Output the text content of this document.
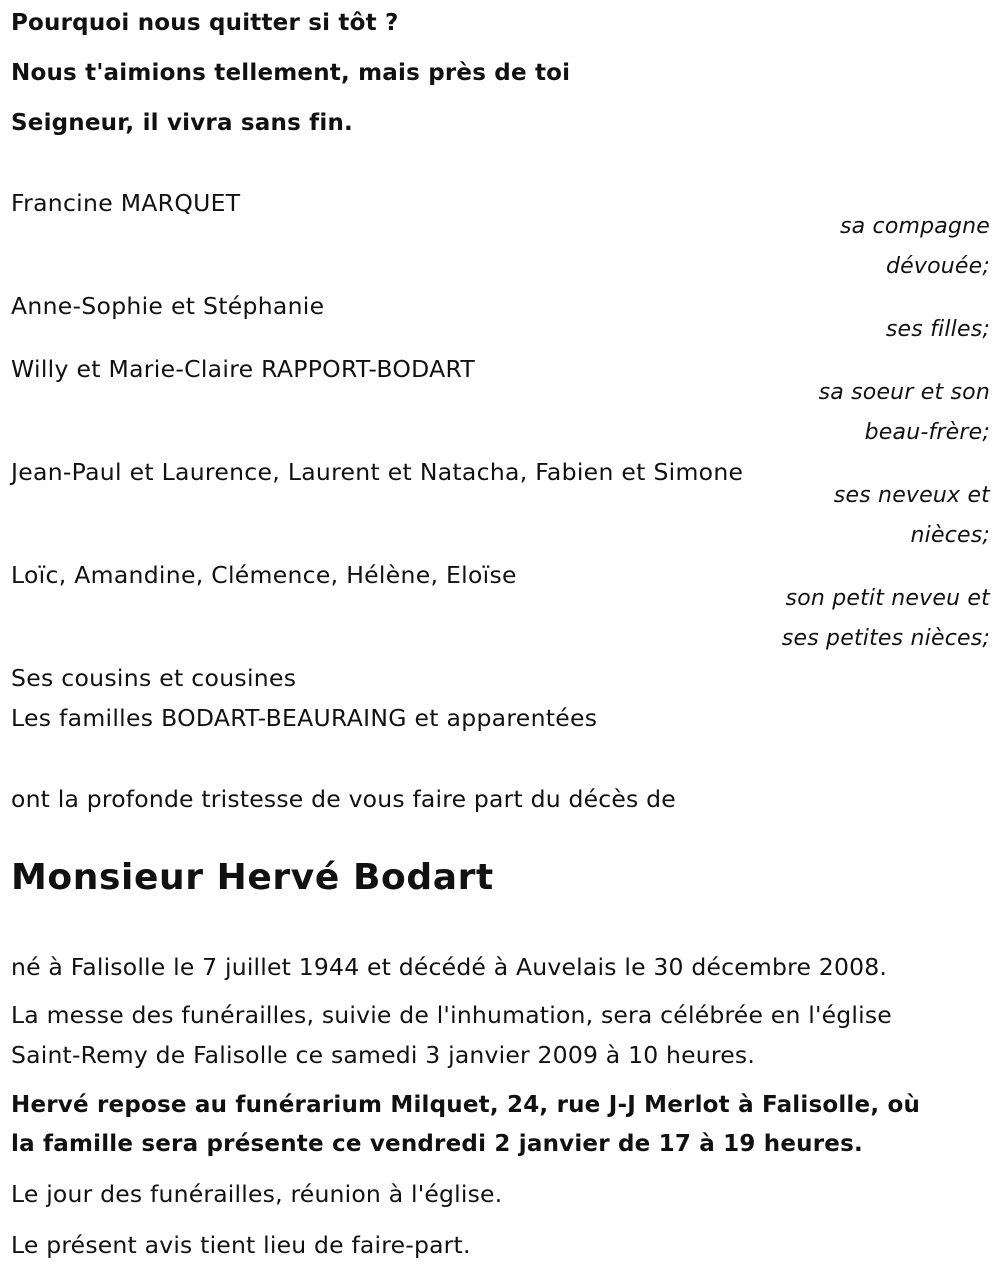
Pourquoi nous quitter si tôt ?
Nous t'aimions tellement, mais près de toi
Seigneur, il vivra sans fin.
Francine MARQUET
sa compagne
dévouée;
Anne-Sophie et Stéphanie
ses filles;
Willy et Marie-Claire RAPPORT-BODART
sa soeur et son
beau-frère;
Jean-Paul et Laurence, Laurent et Natacha, Fabien et Simone
ses neveux et
nièces;
Loïc, Amandine, Clémence, Hélène, Eloïse
son petit neveu et
ses petites nièces;
Ses cousins et cousines
Les familles BODART-BEAURAING et apparentées
ont la profonde tristesse de vous faire part du décès de
Monsieur Hervé Bodart
né à Falisolle le 7 juillet 1944 et décédé à Auvelais le 30 décembre 2008.
La messe des funérailles, suivie de l'inhumation, sera célébrée en l'église
Saint-Remy de Falisolle ce samedi 3 janvier 2009 à 10 heures.
Hervé repose au funérarium Milquet, 24, rue J-J Merlot à Falisolle, où
la famille sera présente ce vendredi 2 janvier de 17 à 19 heures.
Le jour des funérailles, réunion à l'église.
Le présent avis tient lieu de faire-part.
